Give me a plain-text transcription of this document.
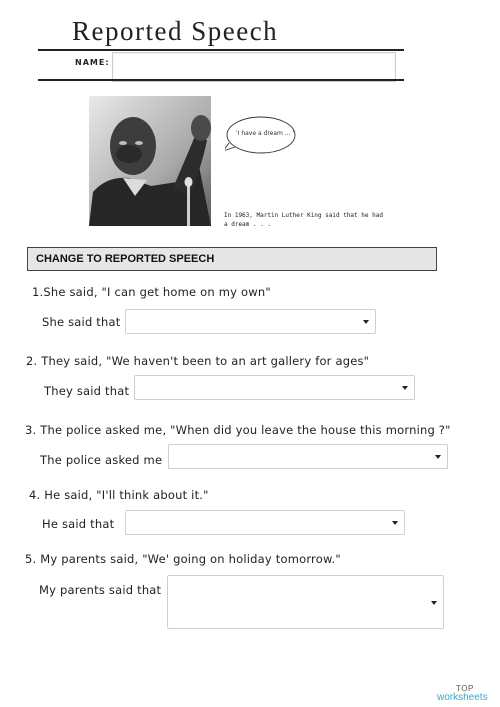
Reported Speech
NAME:
'I have a dream ... '
In 1963, Martin Luther King said that he had a dream . . .
CHANGE TO REPORTED SPEECH
1.She said, "I can get home on my own"
She said that
2. They said, "We haven't been to an art gallery for ages"
They said that
3. The police asked me, "When did you leave the house this morning ?"
The police asked me
4. He said, "I'll think about it."
He said that
5. My parents said, "We' going on holiday tomorrow."
My parents said that
TOP
worksheets
